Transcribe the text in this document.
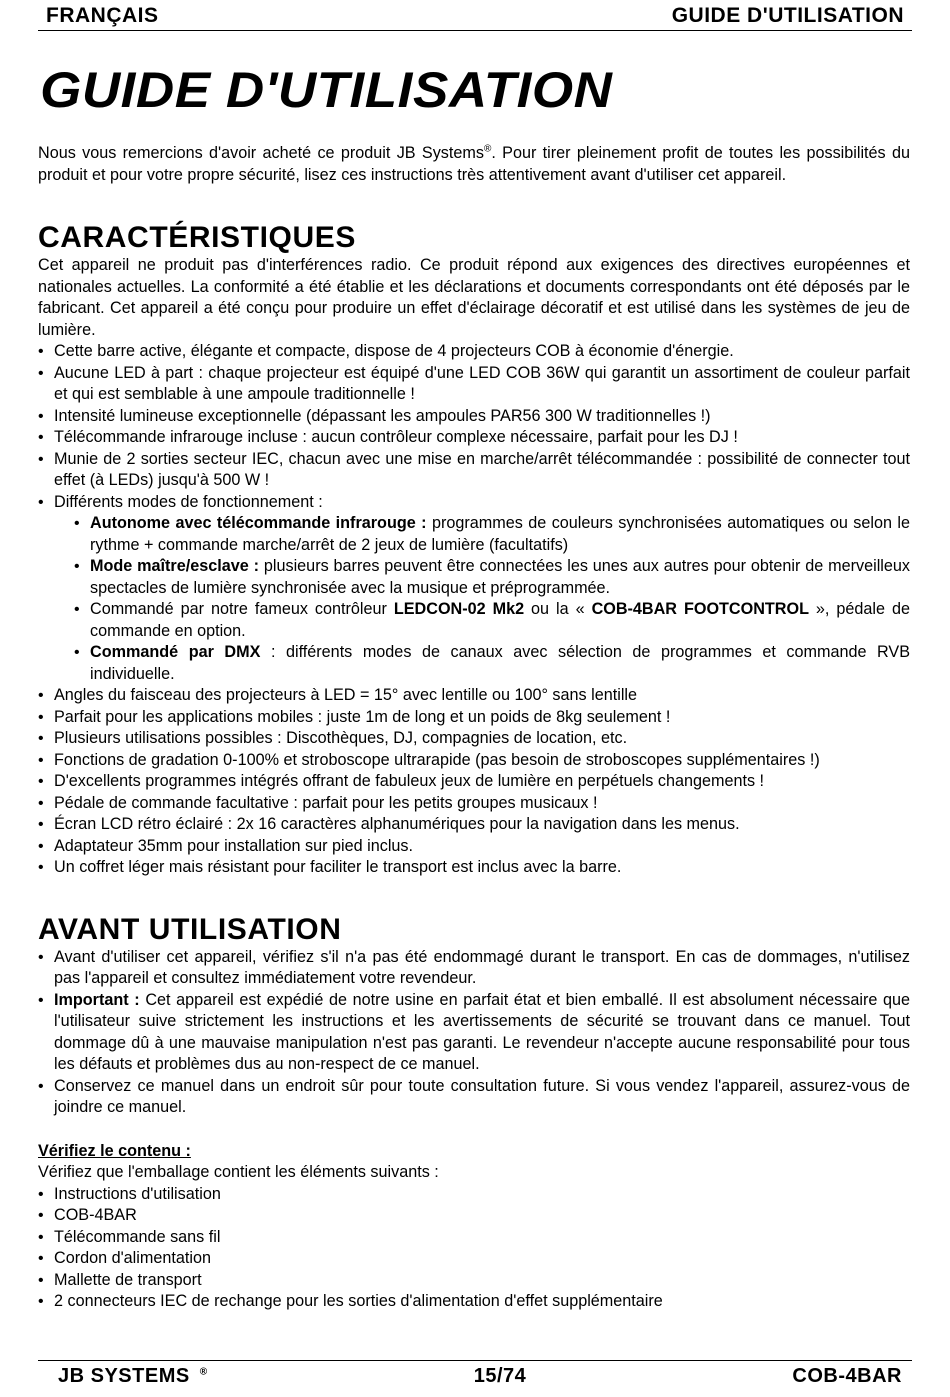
FRANÇAIS	GUIDE D'UTILISATION
GUIDE D'UTILISATION

Nous vous remercions d'avoir acheté ce produit JB Systems®. Pour tirer pleinement profit de toutes les possibilités du produit et pour votre propre sécurité, lisez ces instructions très attentivement avant d'utiliser cet appareil.

CARACTÉRISTIQUES

Cet appareil ne produit pas d'interférences radio. Ce produit répond aux exigences des directives européennes et nationales actuelles. La conformité a été établie et les déclarations et documents correspondants ont été déposés par le fabricant. Cet appareil a été conçu pour produire un effet d'éclairage décoratif et est utilisé dans les systèmes de jeu de lumière.

• Cette barre active, élégante et compacte, dispose de 4 projecteurs COB à économie d'énergie.
• Aucune LED à part : chaque projecteur est équipé d'une LED COB 36W qui garantit un assortiment de couleur parfait et qui est semblable à une ampoule traditionnelle !
• Intensité lumineuse exceptionnelle (dépassant les ampoules PAR56 300 W traditionnelles !)
• Télécommande infrarouge incluse : aucun contrôleur complexe nécessaire, parfait pour les DJ !
• Munie de 2 sorties secteur IEC, chacun avec une mise en marche/arrêt télécommandée : possibilité de connecter tout effet (à LEDs) jusqu'à 500 W !
• Différents modes de fonctionnement :
• Autonome avec télécommande infrarouge : programmes de couleurs synchronisées automatiques ou selon le rythme + commande marche/arrêt de 2 jeux de lumière (facultatifs)
• Mode maître/esclave : plusieurs barres peuvent être connectées les unes aux autres pour obtenir de merveilleux spectacles de lumière synchronisée avec la musique et préprogrammée.
• Commandé par notre fameux contrôleur LEDCON-02 Mk2 ou la « COB-4BAR FOOTCONTROL », pédale de commande en option.
• Commandé par DMX : différents modes de canaux avec sélection de programmes et commande RVB individuelle.
• Angles du faisceau des projecteurs à LED = 15° avec lentille ou 100° sans lentille
• Parfait pour les applications mobiles : juste 1m de long et un poids de 8kg seulement !
• Plusieurs utilisations possibles : Discothèques, DJ, compagnies de location, etc.
• Fonctions de gradation 0-100% et stroboscope ultrarapide (pas besoin de stroboscopes supplémentaires !)
• D'excellents programmes intégrés offrant de fabuleux jeux de lumière en perpétuels changements !
• Pédale de commande facultative : parfait pour les petits groupes musicaux !
• Écran LCD rétro éclairé : 2x 16 caractères alphanumériques pour la navigation dans les menus.
• Adaptateur 35mm pour installation sur pied inclus.
• Un coffret léger mais résistant pour faciliter le transport est inclus avec la barre.
AVANT UTILISATION
• Avant d'utiliser cet appareil, vérifiez s'il n'a pas été endommagé durant le transport. En cas de dommages, n'utilisez pas l'appareil et consultez immédiatement votre revendeur.
• Important : Cet appareil est expédié de notre usine en parfait état et bien emballé. Il est absolument nécessaire que l'utilisateur suive strictement les instructions et les avertissements de sécurité se trouvant dans ce manuel. Tout dommage dû à une mauvaise manipulation n'est pas garanti. Le revendeur n'accepte aucune responsabilité pour tous les défauts et problèmes dus au non-respect de ce manuel.
• Conservez ce manuel dans un endroit sûr pour toute consultation future. Si vous vendez l'appareil, assurez-vous de joindre ce manuel.

Vérifiez le contenu :

Vérifiez que l'emballage contient les éléments suivants :

• Instructions d'utilisation
• COB-4BAR
• Télécommande sans fil
• Cordon d'alimentation
• Mallette de transport
• 2 connecteurs IEC de rechange pour les sorties d'alimentation d'effet supplémentaire
JB SYSTEMS ®	15/74	COB-4BAR
